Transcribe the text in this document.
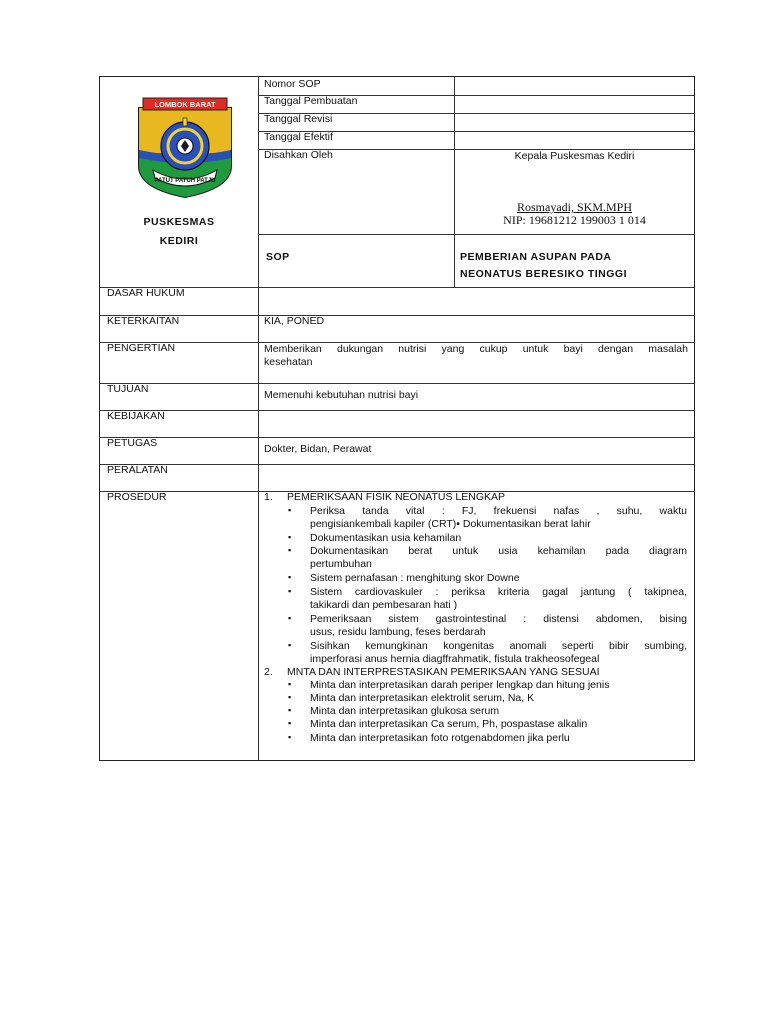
LOMBOK BARAT
PATUT PATUH PATJU
PUSKESMAS
KEDIRI
Nomor SOP
Tanggal Pembuatan
Tanggal Revisi
Tanggal Efektif
Disahkan Oleh	Kepala Puskesmas Kediri
Rosmayadi, SKM.MPH
NIP: 19681212 199003 1 014
SOP	PEMBERIAN ASUPAN PADA
NEONATUS BERESIKO TINGGI
DASAR HUKUM
KETERKAITAN	KIA, PONED
PENGERTIAN	Memberikan dukungan nutrisi yang cukup untuk bayi dengan masalah
kesehatan
TUJUAN	Memenuhi kebutuhan nutrisi bayi
KEBIJAKAN
PETUGAS	Dokter, Bidan, Perawat
PERALATAN
PROSEDUR	1. PEMERIKSAAN FISIK NEONATUS LENGKAP
▪ Periksa tanda vital : FJ, frekuensi nafas , suhu, waktu
pengisiankembali kapiler (CRT)• Dokumentasikan berat lahir
▪ Dokumentasikan usia kehamilan
▪ Dokumentasikan berat untuk usia kehamilan pada diagram
pertumbuhan
▪ Sistem pernafasan : menghitung skor Downe
▪ Sistem cardiovaskuler : periksa kriteria gagal jantung ( takipnea,
takikardi dan pembesaran hati )
▪ Pemeriksaan sistem gastrointestinal : distensi abdomen, bising
usus, residu lambung, feses berdarah
▪ Sisihkan kemungkinan kongenitas anomali seperti bibir sumbing,
imperforasi anus hernia diagffrahmatik, fistula trakheosofegeal
2. MNTA DAN INTERPRESTASIKAN PEMERIKSAAN YANG SESUAI
▪ Minta dan interpretasikan darah periper lengkap dan hitung jenis
▪ Minta dan interpretasikan elektrolit serum, Na, K
▪ Minta dan interpretasikan glukosa serum
▪ Minta dan interpretasikan Ca serum, Ph, pospastase alkalin
▪ Minta dan interpretasikan foto rotgenabdomen jika perlu
